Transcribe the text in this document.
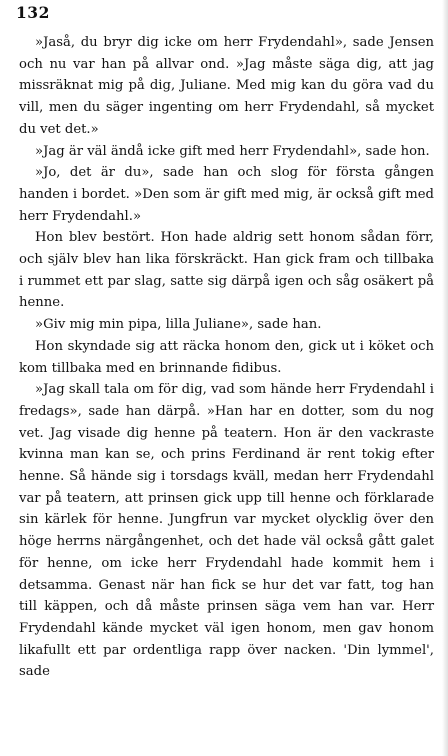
132

»Jaså, du bryr dig icke om herr Frydendahl», sade Jensen och nu var han på allvar ond. »Jag måste säga dig, att jag missräknat mig på dig, Juliane. Med mig kan du göra vad du vill, men du säger ingenting om herr Frydendahl, så mycket du vet det.»

»Jag är väl ändå icke gift med herr Frydendahl», sade hon.

»Jo, det är du», sade han och slog för första gången handen i bordet. »Den som är gift med mig, är också gift med herr Frydendahl.»

Hon blev bestört. Hon hade aldrig sett honom sådan förr, och själv blev han lika förskräckt. Han gick fram och tillbaka i rummet ett par slag, satte sig därpå igen och såg osäkert på henne.

»Giv mig min pipa, lilla Juliane», sade han.

Hon skyndade sig att räcka honom den, gick ut i köket och kom tillbaka med en brinnande fidibus.

»Jag skall tala om för dig, vad som hände herr Frydendahl i fredags», sade han därpå. »Han har en dotter, som du nog vet. Jag visade dig henne på teatern. Hon är den vackraste kvinna man kan se, och prins Ferdinand är rent tokig efter henne. Så hände sig i torsdags kväll, medan herr Frydendahl var på teatern, att prinsen gick upp till henne och förklarade sin kärlek för henne. Jungfrun var mycket olycklig över den höge herrns närgångenhet, och det hade väl också gått galet för henne, om icke herr Frydendahl hade kommit hem i detsamma. Genast när han fick se hur det var fatt, tog han till käppen, och då måste prinsen säga vem han var. Herr Frydendahl kände mycket väl igen honom, men gav honom likafullt ett par ordentliga rapp över nacken. 'Din lymmel', sade
